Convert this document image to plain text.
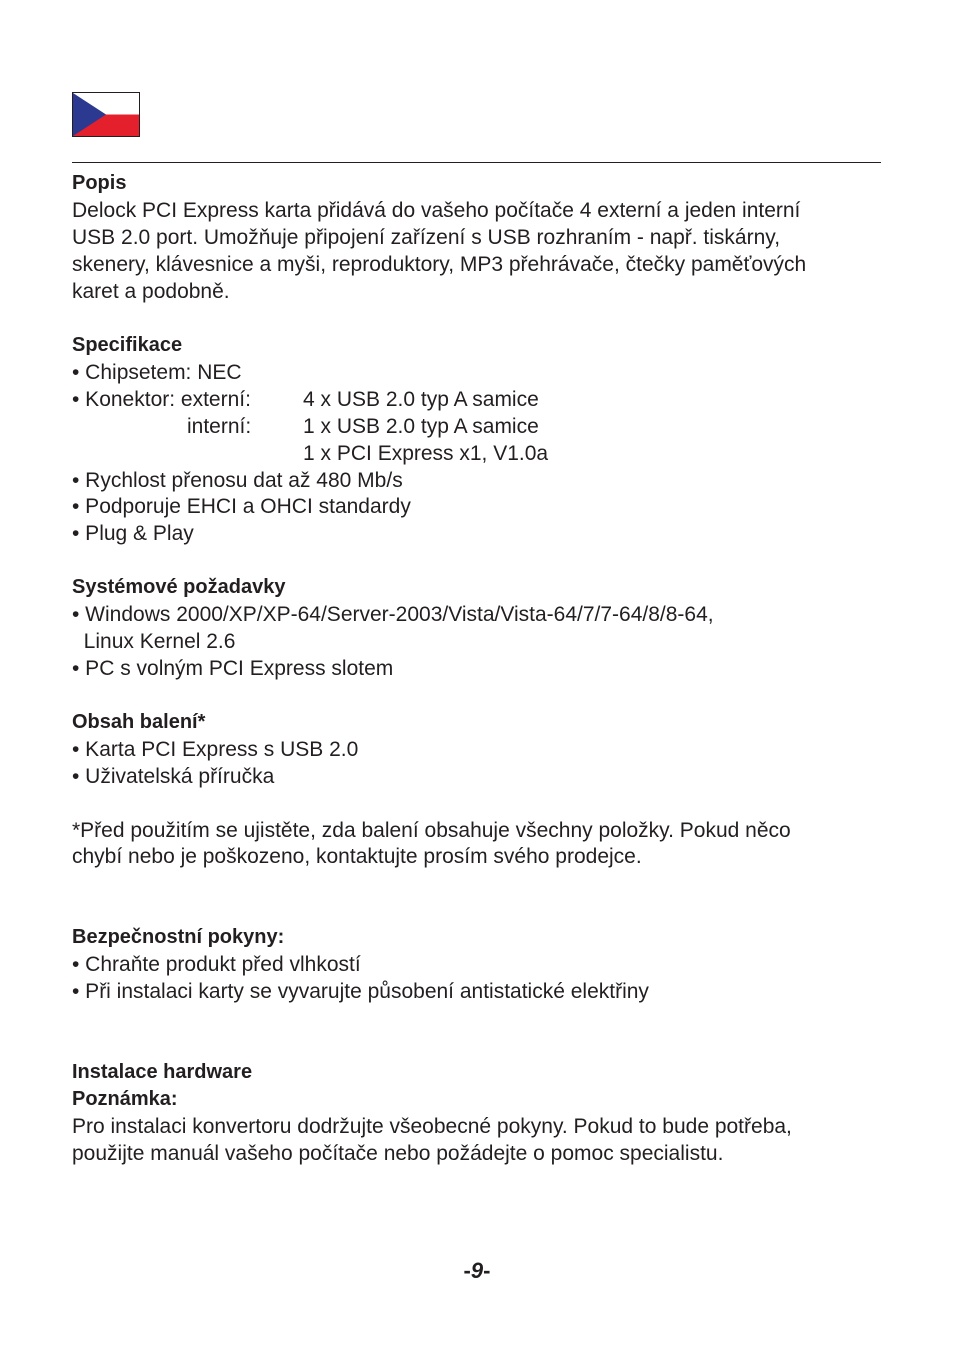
Popis

Delock PCI Express karta přidává do vašeho počítače 4 externí a jeden interní

USB 2.0 port. Umožňuje připojení zařízení s USB rozhraním - např. tiskárny,

skenery, klávesnice a myši, reproduktory, MP3 přehrávače, čtečky paměťových

karet a podobně.

Specifikace

• Chipsetem: NEC

• Konektor: externí: 4 x USB 2.0 typ A samice
interní: 1 x USB 2.0 typ A samice
1 x PCI Express x1, V1.0a

• Rychlost přenosu dat až 480 Mb/s

• Podporuje EHCI a OHCI standardy

• Plug & Play

Systémové požadavky

• Windows 2000/XP/XP-64/Server-2003/Vista/Vista-64/7/7-64/8/8-64,

Linux Kernel 2.6

• PC s volným PCI Express slotem

Obsah balení*

• Karta PCI Express s USB 2.0

• Uživatelská příručka

*Před použitím se ujistěte, zda balení obsahuje všechny položky. Pokud něco

chybí nebo je poškozeno, kontaktujte prosím svého prodejce.

Bezpečnostní pokyny:

• Chraňte produkt před vlhkostí

• Při instalaci karty se vyvarujte působení antistatické elektřiny

Instalace hardware

Poznámka:

Pro instalaci konvertoru dodržujte všeobecné pokyny. Pokud to bude potřeba,

použijte manuál vašeho počítače nebo požádejte o pomoc specialistu.

-9-
